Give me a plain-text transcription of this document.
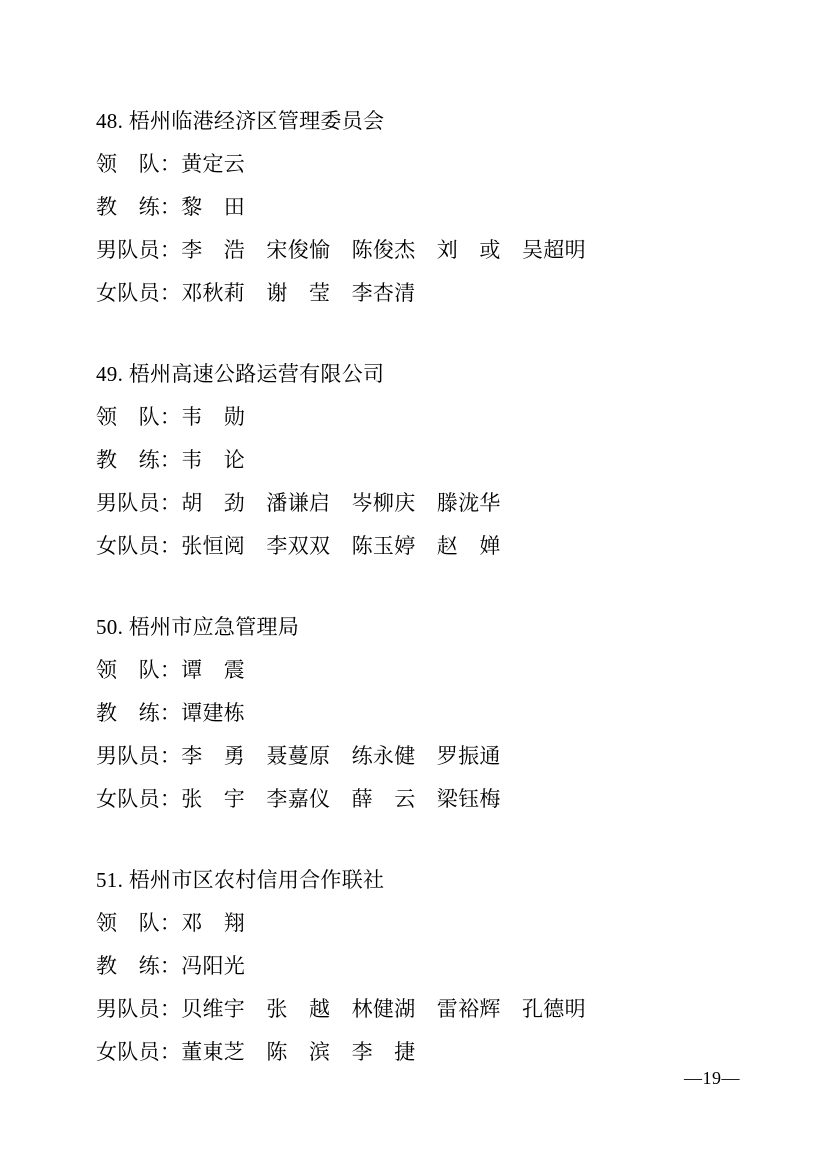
48. 梧州临港经济区管理委员会
领　队：黄定云
教　练：黎　田
男队员：李　浩　宋俊愉　陈俊杰　刘　或　吴超明
女队员：邓秋莉　谢　莹　李杏清
49. 梧州高速公路运营有限公司
领　队：韦　勋
教　练：韦　论
男队员：胡　劲　潘谦启　岑柳庆　滕泷华
女队员：张恒阅　李双双　陈玉婷　赵　婵
50. 梧州市应急管理局
领　队：谭　震
教　练：谭建栋
男队员：李　勇　聂蔓原　练永健　罗振通
女队员：张　宇　李嘉仪　薛　云　梁钰梅
51. 梧州市区农村信用合作联社
领　队：邓　翔
教　练：冯阳光
男队员：贝维宇　张　越　林健湖　雷裕辉　孔德明
女队员：董東芝　陈　滨　李　捷
—19—
